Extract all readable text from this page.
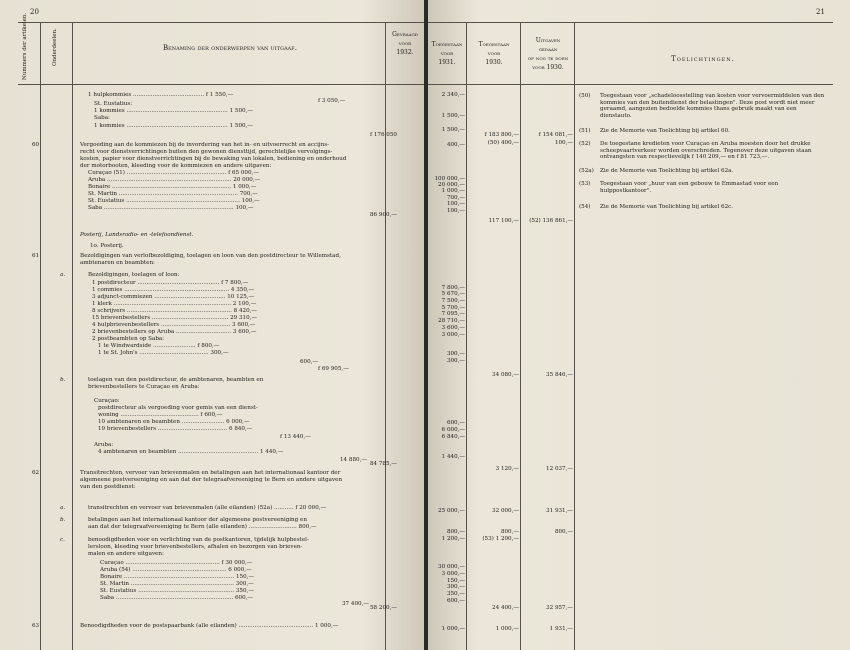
20
Nummers der artikelen.	Onderdeelen.	Benaming der onderwerpen van uitgaaf.
Gevraagd
voor
1932.
60
61
62
63
a.
b.
a.
b.
c.
1 hulpkommies ........................................ f 1 550,—
f 3 050,—
St. Eustatius:
1 kommies ......................................................... 1 500,—
Saba:
1 kommies ......................................................... 1 500,—
f 176 050
Vergoeding aan de kommiezen bij de invordering van het in- en uitvoerrecht en accijns-
recht voor dienstverrichtingen buiten den gewonen diensttijd, gerechtelijke vervolgings-
kosten, papier voor dienstverrichtingen bij de bewaking van lokalen, bediening en onderhoud
der motorbooten, kleeding voor de kommiezen en andere uitgaven:
Curaçao (51) ........................................................ f 65 000,—
Aruba ...................................................................... 20 000,—
Bonaire ................................................................... 1 000,—
St. Martin ................................................................... 700,—
St. Eustatius ................................................................ 100,—
Saba ......................................................................... 100,—
86 900,—
Posterij, Landsradio- en -telefoondienst.
1o. Posterij.
Bezoldigingen van verlofbezoldiging, toelagen en loon van den postdirecteur te Willemstad,
ambtenaren en beambten:
Bezoldigingen, toelagen of loon:
1 postdirecteur .............................................. f 7 800,—
1 commies ........................................................... 4 350,—
3 adjunct-commiezen ........................................ 10 125,—
1 klerk .................................................................. 2 100,—
8 schrijvers ........................................................... 8 420,—
15 brievenbestellers ........................................... 29 310,—
4 hulpbrievenbestellers ....................................... 3 600,—
2 brievenbestellers op Aruba ............................... 3 600,—
2 postbeambten op Saba:
1 te Windwardside ........................ f 800,—
1 te St. John's ....................................... 300,—
600,—
f 69 905,—
toelagen van den postdirecteur, de ambtenaren, beambten en
brievenbestellers te Curaçao en Aruba:
Curaçao:
postdirecteur als vergoeding voor gemis van een dienst-
woning ............................................ f 600,—
10 ambtenaren en beambten ........................ 6 000,—
19 brievenbestellers ....................................... 6 840,—
f 13 440,—
Aruba:
4 ambtenaren en beambten ............................................. 1 440,—
14 880,—
84 785,—
Transitrechten, vervoer van brievenmalen en betalingen aan het internationaal kantoor der
algemeene postvereeniging en aan dat der telegraafvereeniging te Bern en andere uitgaven
van den postdienst:
transitrechten en vervoer van brievenmalen (alle eilanden) (52a) ........... f 20 000,—
betalingen aan het internationaal kantoor der algemeene postvereeniging en
aan dat der telegraafvereeniging te Bern (alle eilanden) ........................... 800,—
benoodigdheden voor en verlichting van de postkantoren, tijdelijk hulpbestel-
lersloon, kleeding voor brievenbestellers, afhalen en bezorgen van brieven-
malen en andere uitgaven:
Curaçao ..................................................... f 30 000,—
Aruba (54) ..................................................... 6 000,—
Bonaire .............................................................. 150,—
St. Martin .......................................................... 300,—
St. Eustatius ...................................................... 350,—
Saba .................................................................. 600,—
37 400,—
58 200,—
Benoodigdheden voor de postspaarbank (alle eilanden) .......................................... 1 000,—
21
Toegestaan
voor
1931.
Toegestaan
voor
1930.
Uitgaven
gedaan
of nog te doen
voor 1930.
Toelichtingen.
2 340,—
1 500,—
1 500,—
400,—
100 000,—
20 000,—
1 000,—
700,—
100,—
100,—
7 800,—
5 670,—
7 500,—
5 700,—
7 095,—
28 710,—
3 600,—
3 000,—
300,—
300,—
600,—
6 000,—
6 840,—
1 440,—
25 000,—
800,—
1 200,—
30 000,—
3 000,—
150,—
300,—
350,—
600,—
1 000,—
f 183 800,—
(50) 400,—
117 100,—
34 080,—
3 120,—
32 000,—
800,—
(53) 1 200,—
24 400,—
1 000,—
f 154 081,—
100,—
(52) 136 861,—
35 846,—
12 037,—
31 931,—
800,—
32 957,—
1 931,—
(50) Toegestaan voor „schadeloosstelling van kosten voor vervoermiddelen van den kommies van den buitendienst der belastingen". Deze post wordt niet meer geraamd, aangezien bedoelde kommies thans gebruik maakt van een dienstauto.
(51) Zie de Memorie van Toelichting bij artikel 60.
(52) De toegestane kredieten voor Curaçao en Aruba moesten door het drukke scheepvaartverkeer worden overschreden. Tegenover deze uitgaven staan ontvangsten van respectievelijk f 140 209,— en f 81 723,—.
(52a) Zie de Memorie van Toelichting bij artikel 62a.
(53) Toegestaan voor „huur van een gebouw te Emmastad voor een hulppostkantoor".
(54) Zie de Memorie van Toelichting bij artikel 62c.
